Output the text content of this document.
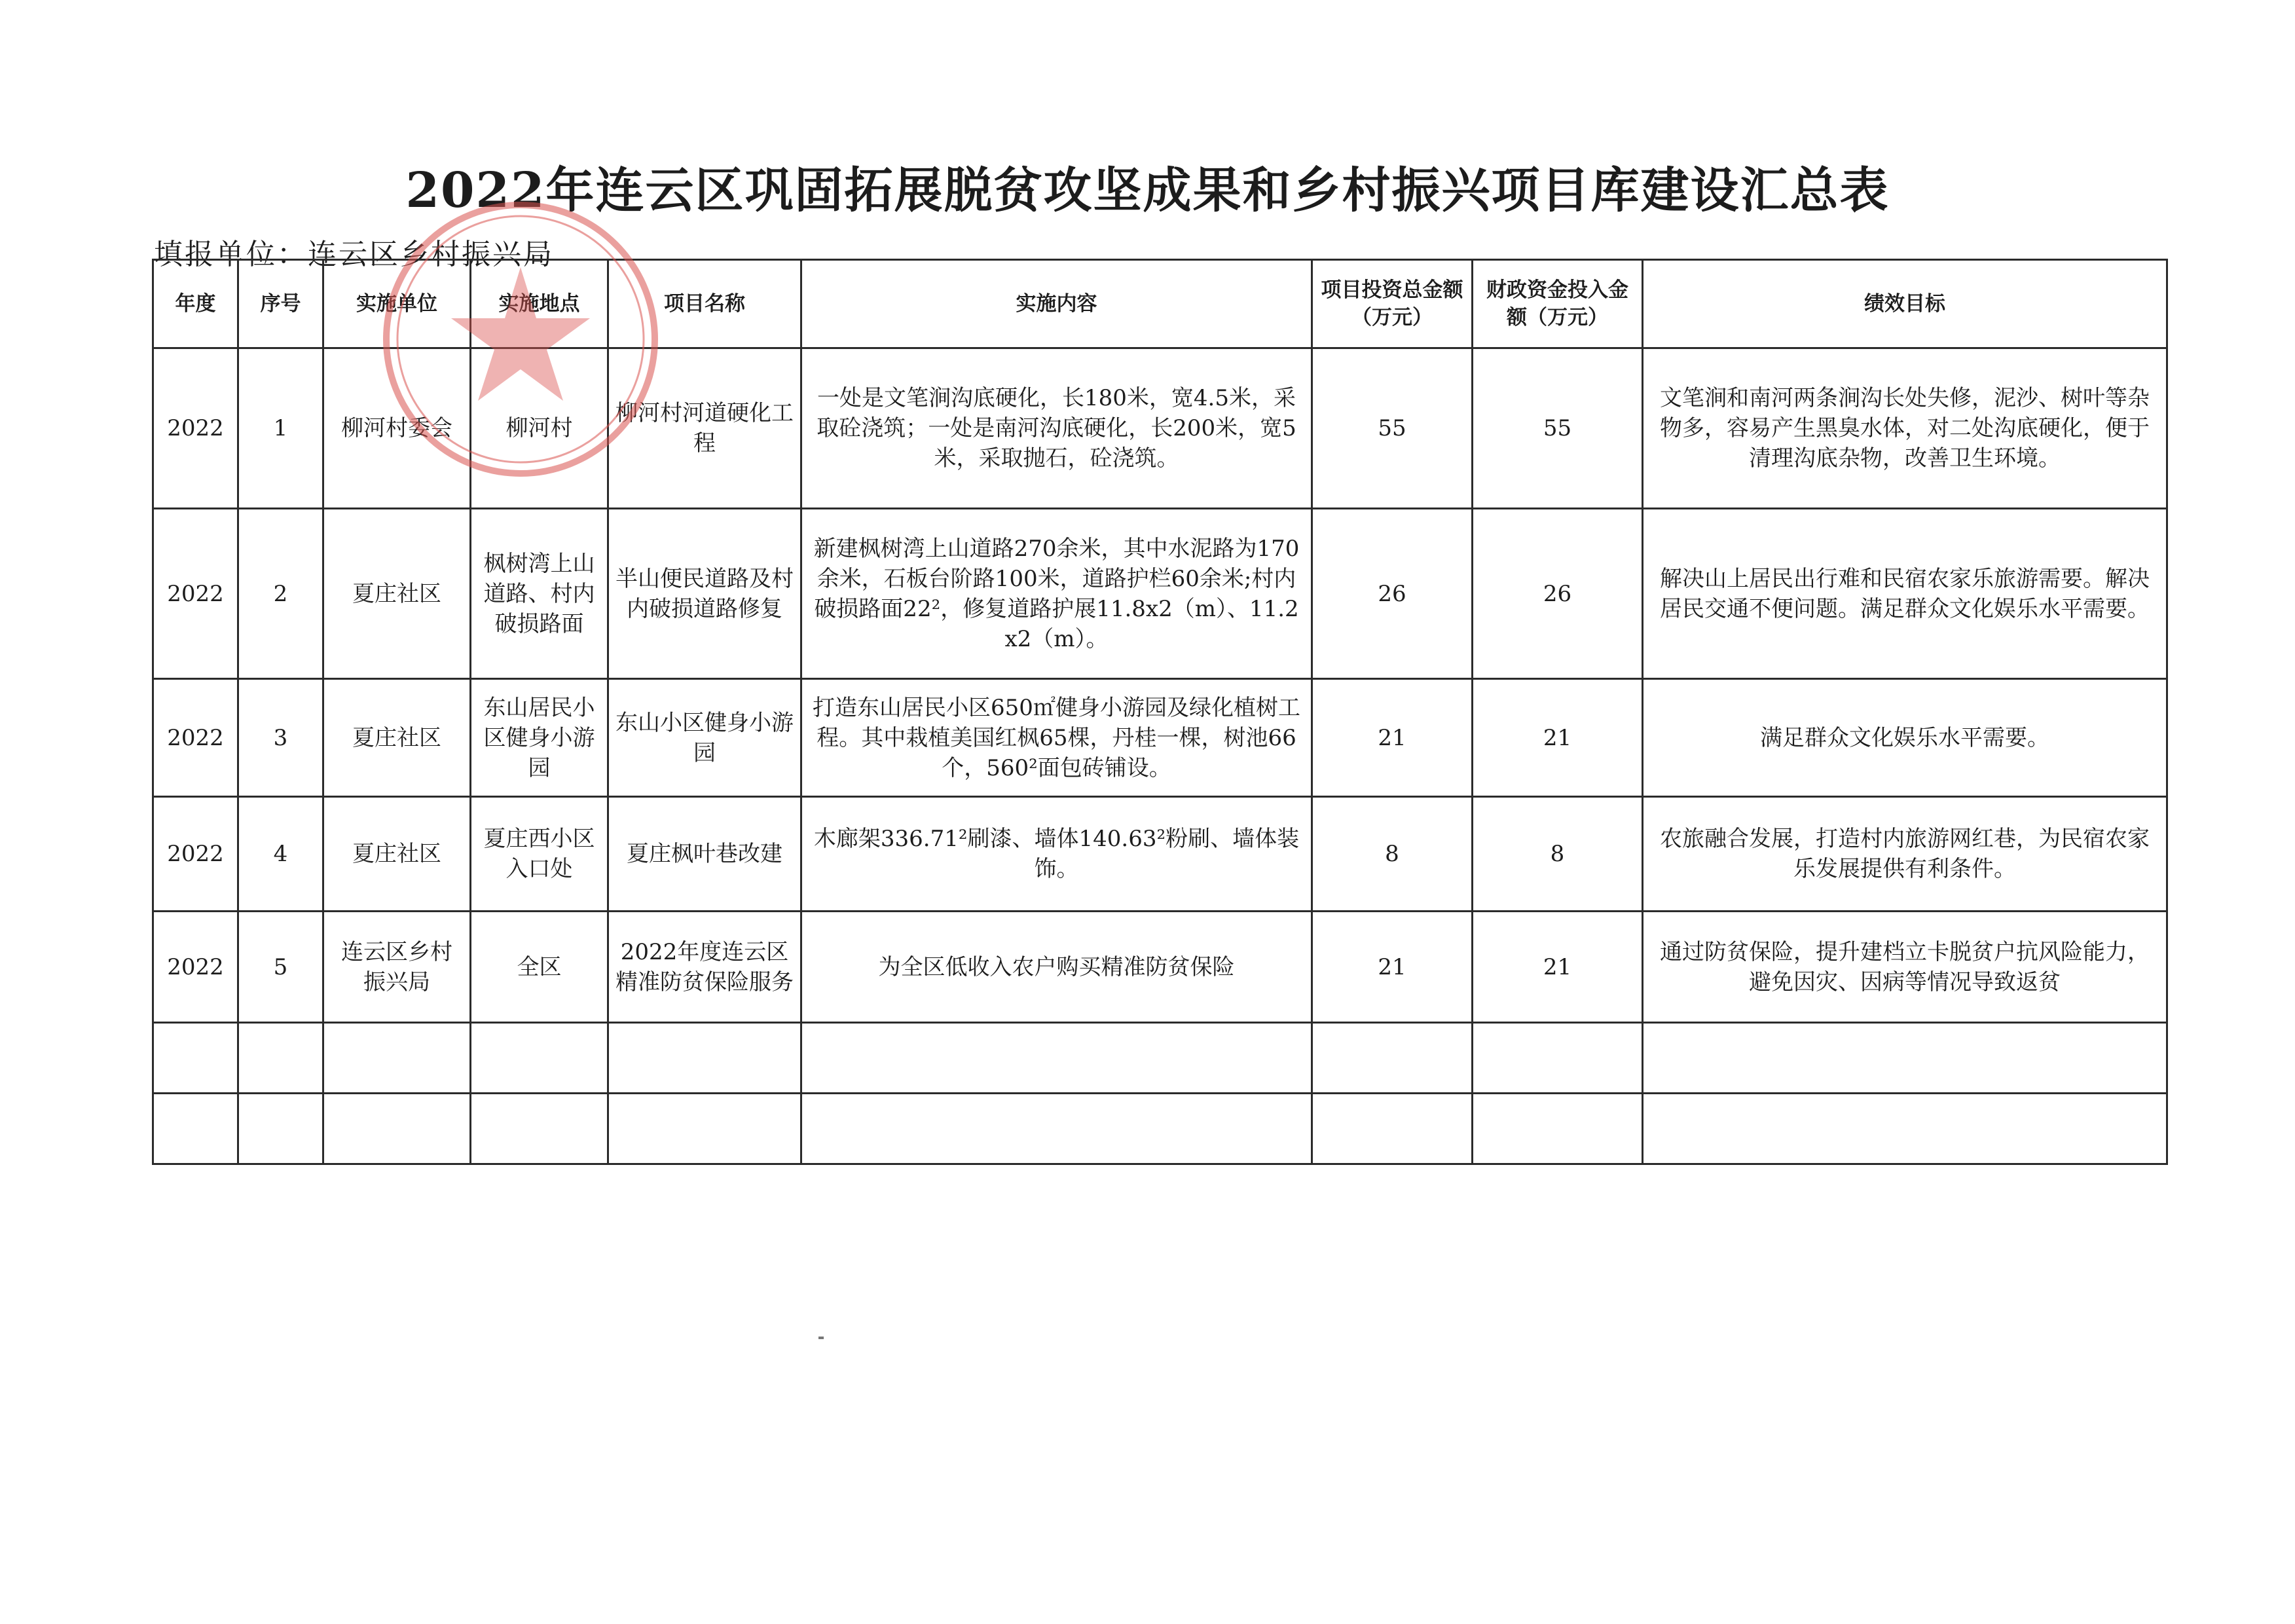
2022年连云区巩固拓展脱贫攻坚成果和乡村振兴项目库建设汇总表
填报单位：连云区乡村振兴局
年度	序号	实施单位	实施地点	项目名称	实施内容	项目投资总金额　（万元）	财政资金投入金额（万元）	绩效目标
2022	1	柳河村委会	柳河村	柳河村河道硬化工程	一处是文笔涧沟底硬化，长180米，宽4.5米，采取砼浇筑；一处是南河沟底硬化，长200米，宽5米，采取抛石，砼浇筑。	55	55	文笔涧和南河两条涧沟长处失修，泥沙、树叶等杂物多，容易产生黑臭水体，对二处沟底硬化，便于清理沟底杂物，改善卫生环境。
2022	2	夏庄社区	枫树湾上山道路、村内破损路面	半山便民道路及村内破损道路修复	新建枫树湾上山道路270余米，其中水泥路为170余米，石板台阶路100米，道路护栏60余米;村内破损路面22²，修复道路护展11.8x2（m）、11.2x2（m）。	26	26	解决山上居民出行难和民宿农家乐旅游需要。解决居民交通不便问题。满足群众文化娱乐水平需要。
2022	3	夏庄社区	东山居民小区健身小游园	东山小区健身小游园	打造东山居民小区650㎡健身小游园及绿化植树工程。其中栽植美国红枫65棵，丹桂一棵，树池66个，560²面包砖铺设。	21	21	满足群众文化娱乐水平需要。
2022	4	夏庄社区	夏庄西小区入口处	夏庄枫叶巷改建	木廊架336.71²刷漆、墙体140.63²粉刷、墙体装饰。	8	8	农旅融合发展，打造村内旅游网红巷，为民宿农家乐发展提供有利条件。
2022	5	连云区乡村振兴局	全区	2022年度连云区精准防贫保险服务	为全区低收入农户购买精准防贫保险	21	21	通过防贫保险，提升建档立卡脱贫户抗风险能力，避免因灾、因病等情况导致返贫
